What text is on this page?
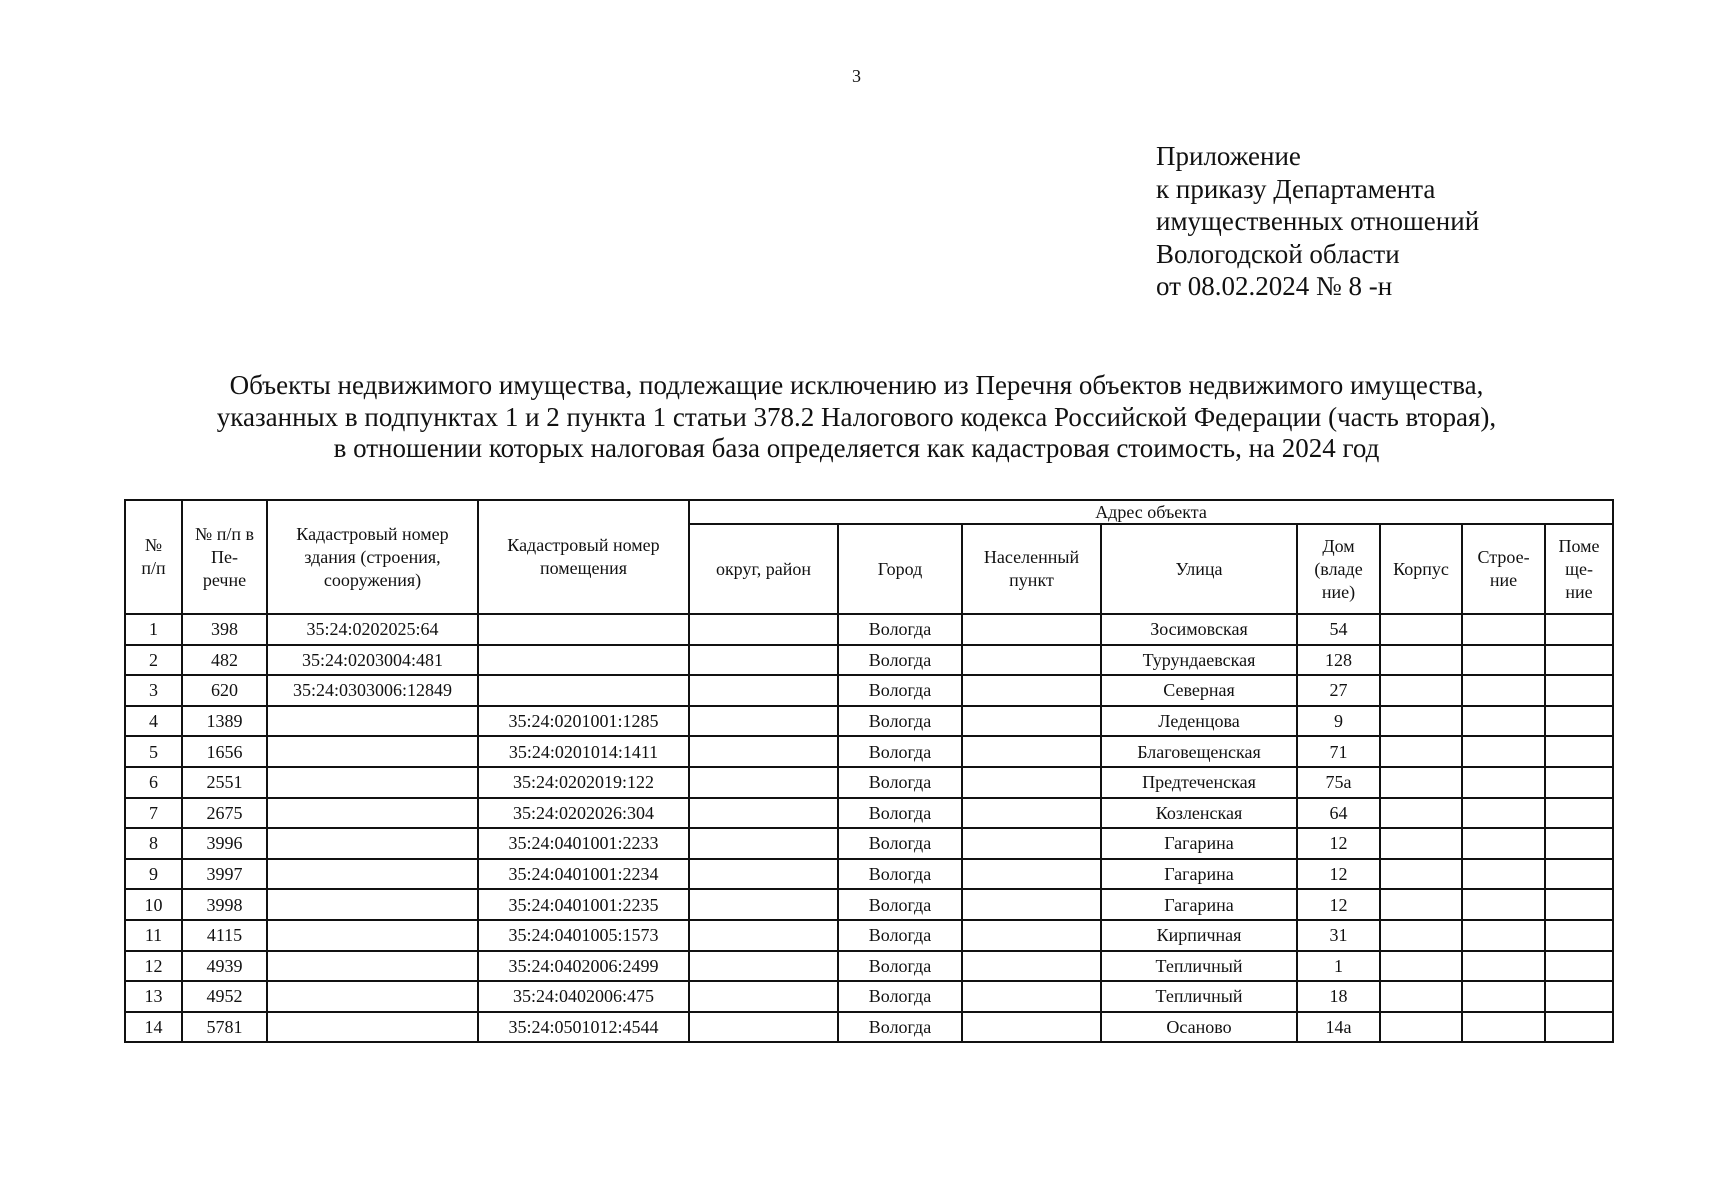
3
Приложение
к приказу Департамента
имущественных отношений
Вологодской области
от 08.02.2024 № 8 -н
Объекты недвижимого имущества, подлежащие исключению из Перечня объектов недвижимого имущества,
указанных в подпунктах 1 и 2 пункта 1 статьи 378.2 Налогового кодекса Российской Федерации (часть вторая),
в отношении которых налоговая база определяется как кадастровая стоимость, на 2024 год
№ п/п	№ п/п в Пе- речне	Кадастровый номер здания (строения, сооружения)	Кадастровый номер помещения	Адрес объекта							
				округ, район	Город	Населенный пункт	Улица	Дом (владе ние)	Корпус	Строе- ние	Поме ще- ние
1	398	35:24:0202025:64			Вологда		Зосимовская	54			
2	482	35:24:0203004:481			Вологда		Турундаевская	128			
3	620	35:24:0303006:12849			Вологда		Северная	27			
4	1389		35:24:0201001:1285		Вологда		Леденцова	9			
5	1656		35:24:0201014:1411		Вологда		Благовещенская	71			
6	2551		35:24:0202019:122		Вологда		Предтеченская	75а			
7	2675		35:24:0202026:304		Вологда		Козленская	64			
8	3996		35:24:0401001:2233		Вологда		Гагарина	12			
9	3997		35:24:0401001:2234		Вологда		Гагарина	12			
10	3998		35:24:0401001:2235		Вологда		Гагарина	12			
11	4115		35:24:0401005:1573		Вологда		Кирпичная	31			
12	4939		35:24:0402006:2499		Вологда		Тепличный	1			
13	4952		35:24:0402006:475		Вологда		Тепличный	18			
14	5781		35:24:0501012:4544		Вологда		Осаново	14а			
